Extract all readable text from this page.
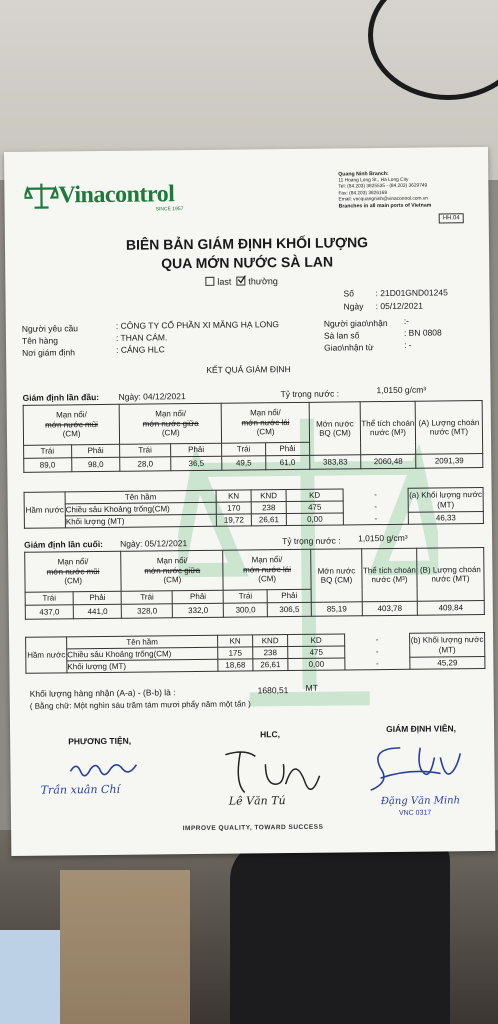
Vinacontrol
SINCE 1957
Quang Ninh Branch:
11 Hoang Long St., Ha Long City
Tel: (84.203) 3825535 - (84.203) 3629749
Fax: (84.203) 3826169
Email: vncquangninh@vinacontrol.com.vn
Branches in all main ports of Vietnam
HH.04
BIÊN BẢN GIÁM ĐỊNH KHỐI LƯỢNG
QUA MỚN NƯỚC SÀ LAN
last thường
Số	: 21D01GND01245
Ngày : 05/12/2021
Người yêu cầu	: CÔNG TY CỔ PHẦN XI MĂNG HẠ LONG
Tên hàng	: THAN CÁM.
Nơi giám định	: CẢNG HLC
Người giao\nhận :-
Sà lan số	: BN 0808
Giao\nhận từ	: -
KẾT QUẢ GIÁM ĐỊNH
Giám định lần đầu: Ngày: 04/12/2021	Tỷ trọng nước :	1,0150 g/cm³
Mạn nổi/
mớn nước mũi
(CM)		Mạn nổi/
mớn nước giữa
(CM)		Mạn nổi/
mớn nước lái
(CM)		Mớn nước BQ (CM)	Thể tích choán nước (M³)	(A) Lượng choán nước (MT)
Trái	Phải	Trái	Phải	Trái	Phải			
89,0	98,0	28,0	36,5	49,5	61,0	383,83	2060,48	2091,39
Hầm nước	Tên hầm	KN	KND	KD	-	(a) Khối lượng nước (MT)
	Chiều sâu Khoảng trống(CM)	170	238	475	-	
	Khối lượng (MT)	19,72	26,61	0,00	-	46,33
Giám định lần cuối: Ngày: 05/12/2021	Tỷ trọng nước : 1,0150 g/cm³
Mạn nổi/
mớn nước mũi
(CM)		Mạn nổi/
mớn nước giữa
(CM)		Mạn nổi/
mớn nước lái
(CM)		Mớn nước BQ (CM)	Thể tích choán nước (M³)	(B) Lượng choán nước (MT)
Trái	Phải	Trái	Phải	Trái	Phải			
437,0	441,0	328,0	332,0	300,0	306,5	85,19	403,78	409,84
Hầm nước	Tên hầm	KN	KND	KD	-	(b) Khối lượng nước (MT)
	Chiều sâu Khoảng trống(CM)	175	238	475	-	
	Khối lượng (MT)	18,68	26,61	0,00	-	45,29
Khối lượng hàng nhận (A-a) - (B-b) là :	1680,51 MT
( Bằng chữ: Một nghìn sáu trăm tám mươi phẩy năm một tấn )
PHƯƠNG TIỆN,
HLC,
GIÁM ĐỊNH VIÊN,
Trần xuân Chí
Lê Văn Tú	Đặng Văn Minh
VNC 0317
IMPROVE QUALITY, TOWARD SUCCESS
